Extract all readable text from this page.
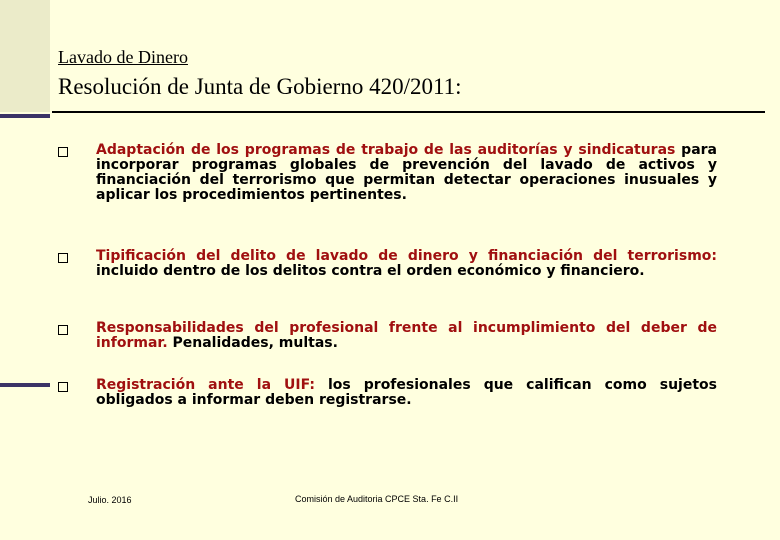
Lavado de Dinero
Resolución de Junta de Gobierno 420/2011:
Adaptación de los programas de trabajo de las auditorías y sindicaturas para incorporar programas globales de prevención del lavado de activos y financiación del terrorismo que permitan detectar operaciones inusuales y aplicar los procedimientos pertinentes.
Tipificación del delito de lavado de dinero y financiación del terrorismo: incluido dentro de los delitos contra el orden económico y financiero.
Responsabilidades del profesional frente al incumplimiento del deber de informar. Penalidades, multas.
Registración ante la UIF: los profesionales que califican como sujetos obligados a informar deben registrarse.
Julio. 2016	Comisión de Auditoria CPCE Sta. Fe C.II
